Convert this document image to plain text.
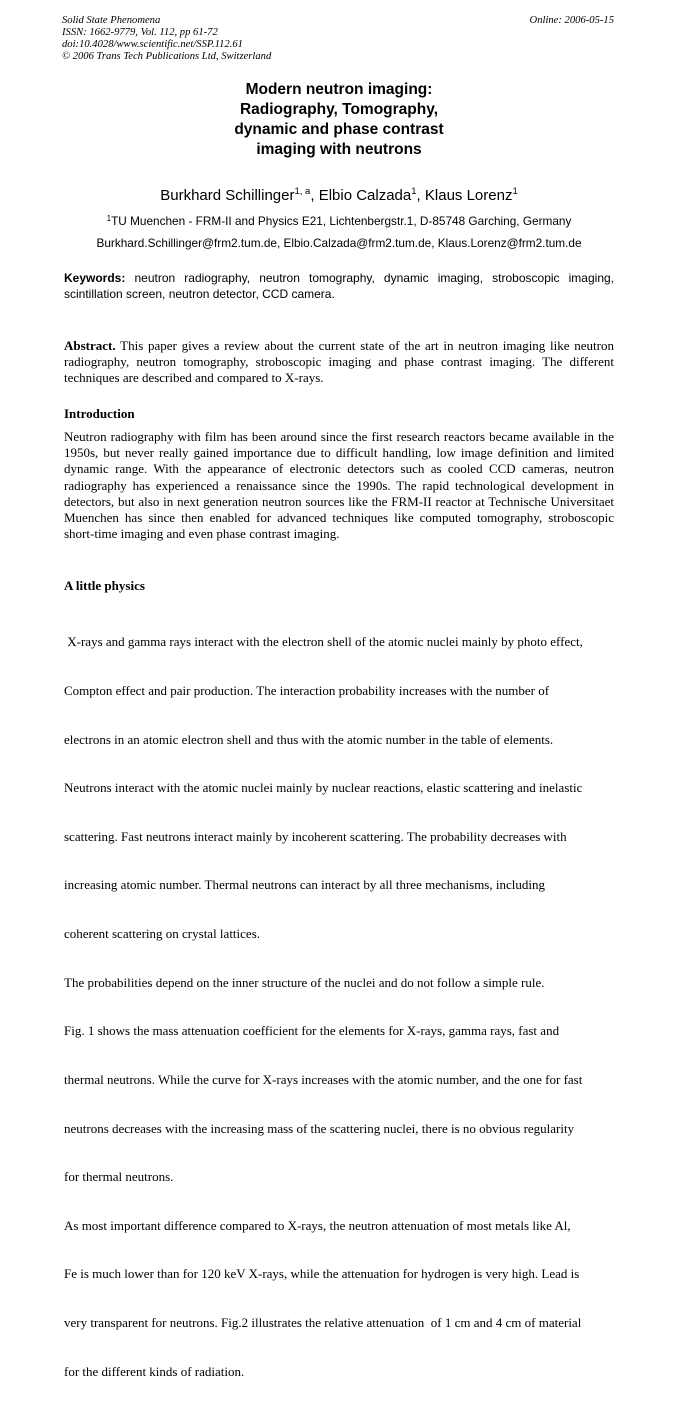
Solid State Phenomena
ISSN: 1662-9779, Vol. 112, pp 61-72
doi:10.4028/www.scientific.net/SSP.112.61
© 2006 Trans Tech Publications Ltd, Switzerland
Online: 2006-05-15
Modern neutron imaging:
Radiography, Tomography,
dynamic and phase contrast
imaging with neutrons
Burkhard Schillinger$^{1, a}$, Elbio Calzada$^1$, Klaus Lorenz$^1$
$^1$TU Muenchen - FRM-II and Physics E21, Lichtenbergstr.1, D-85748 Garching, Germany
Burkhard.Schillinger@frm2.tum.de, Elbio.Calzada@frm2.tum.de, Klaus.Lorenz@frm2.tum.de
Keywords: neutron radiography, neutron tomography, dynamic imaging, stroboscopic imaging, scintillation screen, neutron detector, CCD camera.
Abstract. This paper gives a review about the current state of the art in neutron imaging like neutron radiography, neutron tomography, stroboscopic imaging and phase contrast imaging. The different techniques are described and compared to X-rays.
Introduction
Neutron radiography with film has been around since the first research reactors became available in the 1950s, but never really gained importance due to difficult handling, low image definition and limited dynamic range. With the appearance of electronic detectors such as cooled CCD cameras, neutron radiography has experienced a renaissance since the 1990s. The rapid technological development in detectors, but also in next generation neutron sources like the FRM-II reactor at Technische Universitaet Muenchen has since then enabled for advanced techniques like computed tomography, stroboscopic short-time imaging and even phase contrast imaging.
A little physics

X-rays and gamma rays interact with the electron shell of the atomic nuclei mainly by photo effect,

Compton effect and pair production. The interaction probability increases with the number of

electrons in an atomic electron shell and thus with the atomic number in the table of elements.

Neutrons interact with the atomic nuclei mainly by nuclear reactions, elastic scattering and inelastic

scattering. Fast neutrons interact mainly by incoherent scattering. The probability decreases with

increasing atomic number. Thermal neutrons can interact by all three mechanisms, including

coherent scattering on crystal lattices.

The probabilities depend on the inner structure of the nuclei and do not follow a simple rule.

Fig. 1 shows the mass attenuation coefficient for the elements for X-rays, gamma rays, fast and

thermal neutrons. While the curve for X-rays increases with the atomic number, and the one for fast

neutrons decreases with the increasing mass of the scattering nuclei, there is no obvious regularity

for thermal neutrons.

As most important difference compared to X-rays, the neutron attenuation of most metals like Al,

Fe is much lower than for 120 keV X-rays, while the attenuation for hydrogen is very high. Lead is

very transparent for neutrons. Fig.2 illustrates the relative attenuation  of 1 cm and 4 cm of material

for the different kinds of radiation.
